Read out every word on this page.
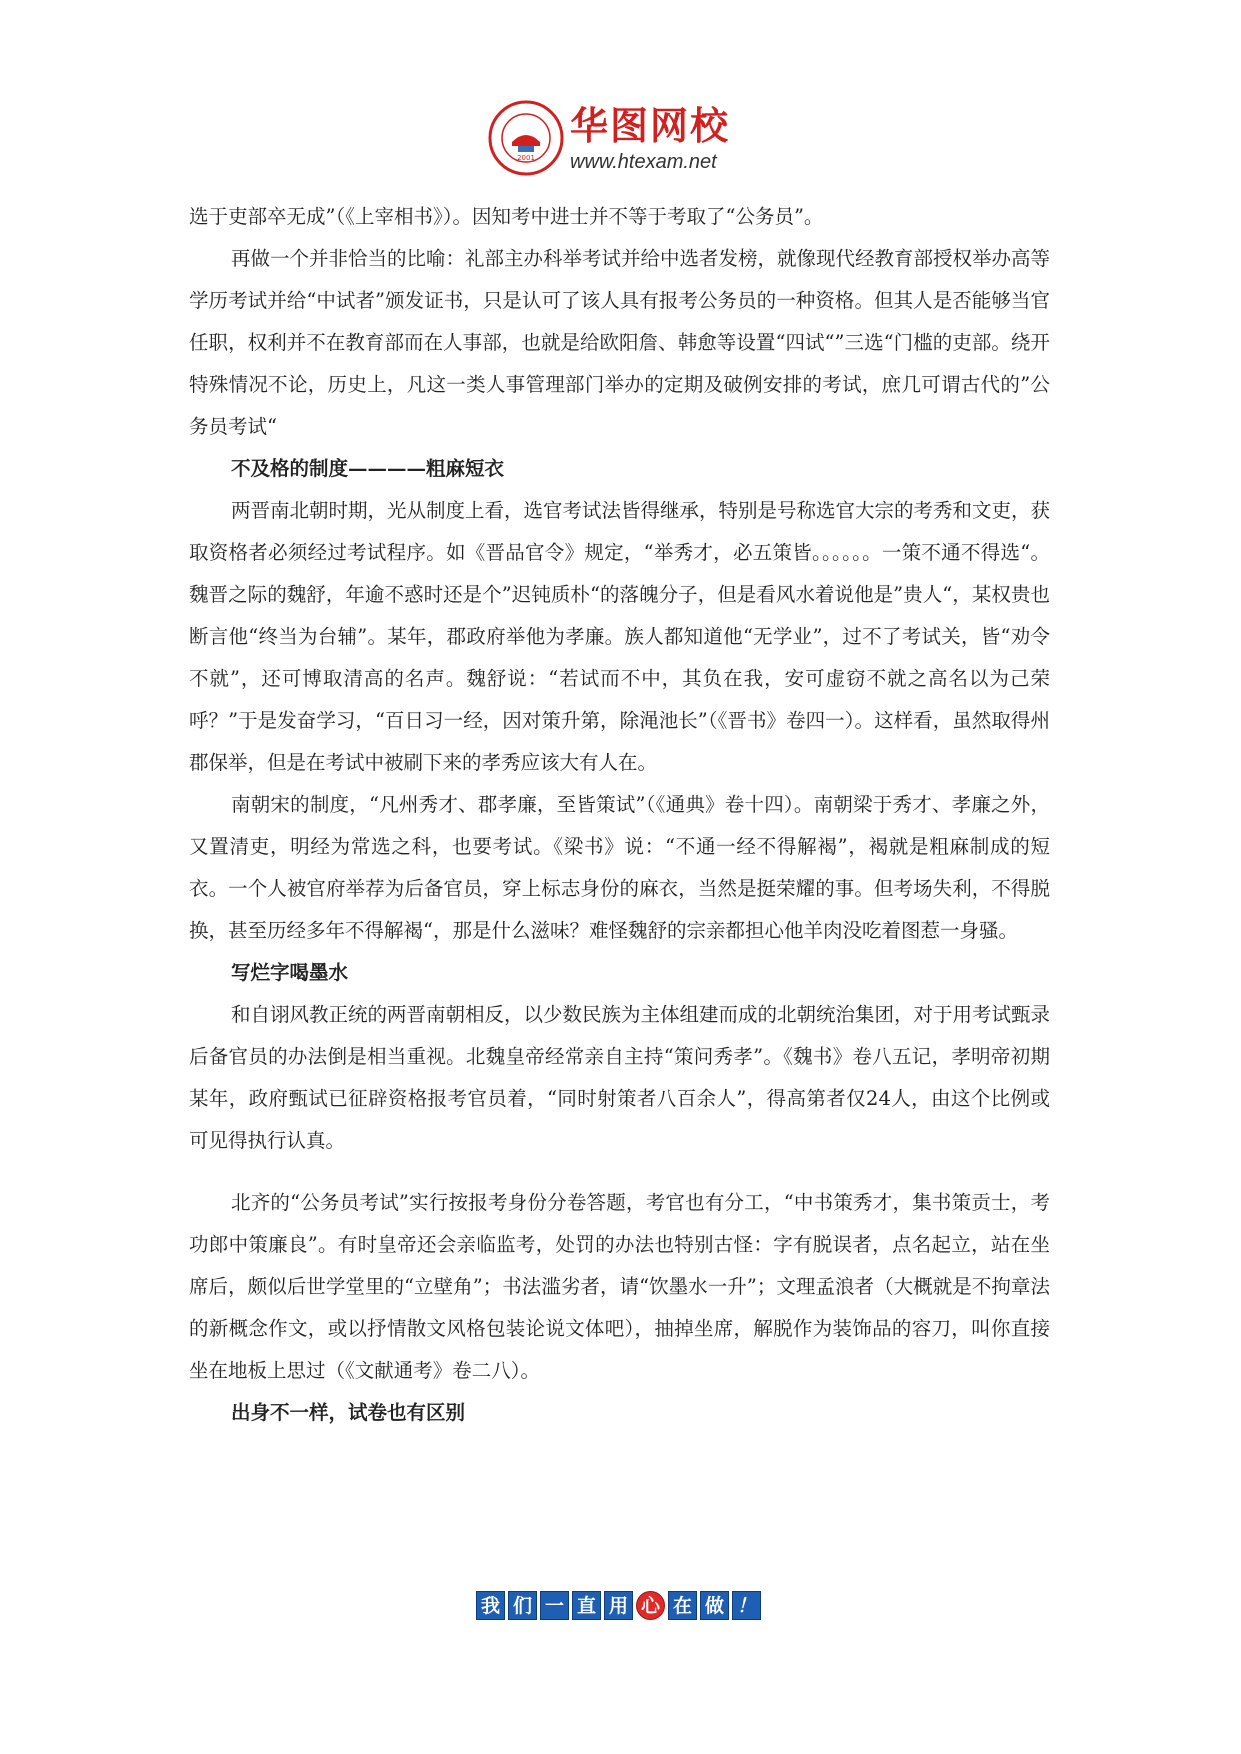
2001
华图网校
www.htexam.net

选于吏部卒无成”（《上宰相书》）。因知考中进士并不等于考取了“公务员”。

再做一个并非恰当的比喻：礼部主办科举考试并给中选者发榜，就像现代经教育部授权举办高等学历考试并给“中试者”颁发证书，只是认可了该人具有报考公务员的一种资格。但其人是否能够当官任职，权利并不在教育部而在人事部，也就是给欧阳詹、韩愈等设置“四试“”三选“门槛的吏部。绕开特殊情况不论，历史上，凡这一类人事管理部门举办的定期及破例安排的考试，庶几可谓古代的”公务员考试“

不及格的制度————粗麻短衣

两晋南北朝时期，光从制度上看，选官考试法皆得继承，特别是号称选官大宗的考秀和文吏，获取资格者必须经过考试程序。如《晋品官令》规定，“举秀才，必五策皆。。。。。。一策不通不得选“。魏晋之际的魏舒，年逾不惑时还是个”迟钝质朴“的落魄分子，但是看风水着说他是”贵人“，某权贵也断言他“终当为台辅”。某年，郡政府举他为孝廉。族人都知道他“无学业”，过不了考试关，皆“劝令不就”，还可博取清高的名声。魏舒说：“若试而不中，其负在我，安可虚窃不就之高名以为己荣呼？”于是发奋学习，“百日习一经，因对策升第，除渑池长”（《晋书》卷四一）。这样看，虽然取得州郡保举，但是在考试中被刷下来的孝秀应该大有人在。

南朝宋的制度，“凡州秀才、郡孝廉，至皆策试”（《通典》卷十四）。南朝梁于秀才、孝廉之外，又置清吏，明经为常选之科，也要考试。《梁书》说：“不通一经不得解褐”，褐就是粗麻制成的短衣。一个人被官府举荐为后备官员，穿上标志身份的麻衣，当然是挺荣耀的事。但考场失利，不得脱换，甚至历经多年不得解褐“，那是什么滋味？难怪魏舒的宗亲都担心他羊肉没吃着图惹一身骚。

写烂字喝墨水

和自诩风教正统的两晋南朝相反，以少数民族为主体组建而成的北朝统治集团，对于用考试甄录后备官员的办法倒是相当重视。北魏皇帝经常亲自主持“策问秀孝”。《魏书》卷八五记，孝明帝初期某年，政府甄试已征辟资格报考官员着，“同时射策者八百余人”，得高第者仅24人，由这个比例或可见得执行认真。

北齐的“公务员考试”实行按报考身份分卷答题，考官也有分工，“中书策秀才，集书策贡士，考功郎中策廉良”。有时皇帝还会亲临监考，处罚的办法也特别古怪：字有脱误者，点名起立，站在坐席后，颇似后世学堂里的“立壁角”；书法滥劣者，请“饮墨水一升”；文理孟浪者（大概就是不拘章法的新概念作文，或以抒情散文风格包装论说文体吧），抽掉坐席，解脱作为装饰品的容刀，叫你直接坐在地板上思过（《文献通考》卷二八）。

出身不一样，试卷也有区别

我 们 一 直 用 心 在 做 ！
